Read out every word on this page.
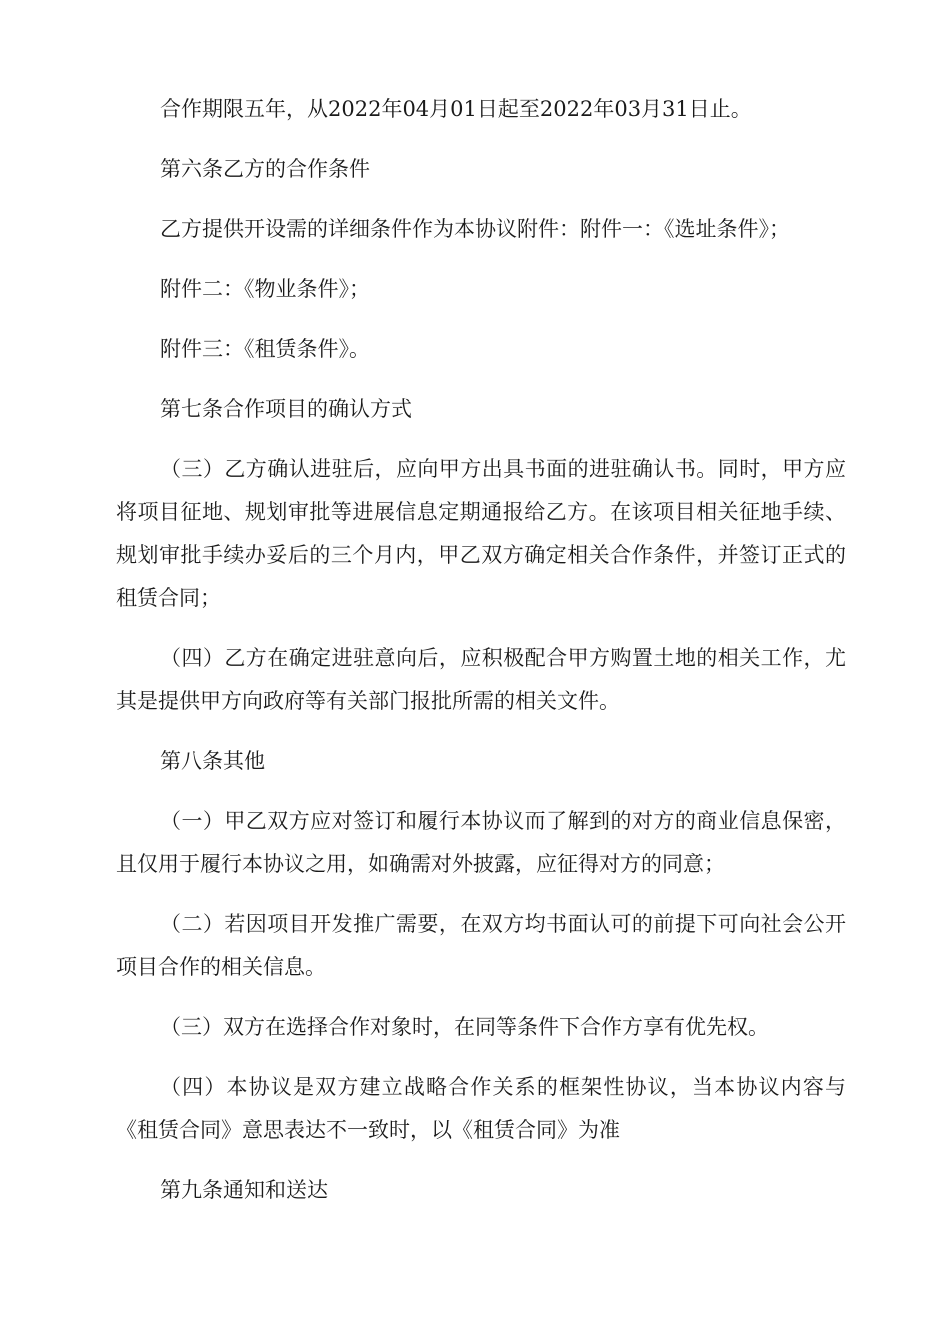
合作期限五年，从2022年04月01日起至2022年03月31日止。

第六条乙方的合作条件

乙方提供开设需的详细条件作为本协议附件：附件一：《选址条件》；

附件二：《物业条件》；

附件三：《租赁条件》。

第七条合作项目的确认方式

（三）乙方确认进驻后，应向甲方出具书面的进驻确认书。同时，甲方应将项目征地、规划审批等进展信息定期通报给乙方。在该项目相关征地手续、规划审批手续办妥后的三个月内，甲乙双方确定相关合作条件，并签订正式的租赁合同；

（四）乙方在确定进驻意向后，应积极配合甲方购置土地的相关工作，尤其是提供甲方向政府等有关部门报批所需的相关文件。

第八条其他

（一）甲乙双方应对签订和履行本协议而了解到的对方的商业信息保密，且仅用于履行本协议之用，如确需对外披露，应征得对方的同意；

（二）若因项目开发推广需要，在双方均书面认可的前提下可向社会公开项目合作的相关信息。

（三）双方在选择合作对象时，在同等条件下合作方享有优先权。

（四）本协议是双方建立战略合作关系的框架性协议，当本协议内容与《租赁合同》意思表达不一致时，以《租赁合同》为准

第九条通知和送达
